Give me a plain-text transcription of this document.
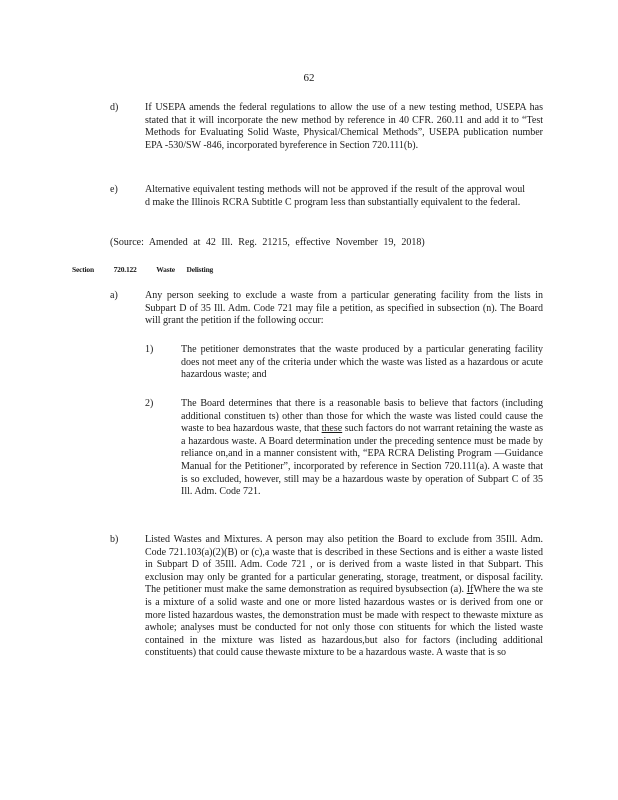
62
d)	If USEPA amends the federal regulations to allow the use of a new testing method, USEPA has stated that it will incorporate the new method by reference in 40 CFR. 260.11 and add it to “Test Methods for Evaluating Solid Waste, Physical/Chemical Methods”, USEPA publication number EPA -530/SW -846, incorporated byreference in Section 720.111(b).
e)	Alternative equivalent testing methods will not be approved if the result of the approval woul d make the Illinois RCRA Subtitle C program less than substantially equivalent to the federal.
(Source: Amended at 42 Ill. Reg. 21215, effective November 19, 2018)
Section	720.122	Waste Delisting
a)	Any person seeking to exclude a waste from a particular generating facility from the lists in Subpart D of 35 Ill. Adm. Code 721 may file a petition, as specified in subsection (n). The Board will grant the petition if the following occur:
1)	The petitioner demonstrates that the waste produced by a particular generating facility does not meet any of the criteria under which the waste was listed as a hazardous or acute hazardous waste; and
2)	The Board determines that there is a reasonable basis to believe that factors (including additional constituen ts) other than those for which the waste was listed could cause the waste to bea hazardous waste, that these such factors do not warrant retaining the waste as a hazardous waste. A Board determination under the preceding sentence must be made by reliance on,and in a manner consistent with, “EPA RCRA Delisting Program —Guidance Manual for the Petitioner”, incorporated by reference in Section 720.111(a). A waste that is so excluded, however, still may be a hazardous waste by operation of Subpart C of 35 Ill. Adm. Code 721.
b)	Listed Wastes and Mixtures. A person may also petition the Board to exclude from 35Ill. Adm. Code 721.103(a)(2)(B) or (c),a waste that is described in these Sections and is either a waste listed in Subpart D of 35Ill. Adm. Code 721 , or is derived from a waste listed in that Subpart. This exclusion may only be granted for a particular generating, storage, treatment, or disposal facility. The petitioner must make the same demonstration as required bysubsection (a). IfWhere the wa ste is a mixture of a solid waste and one or more listed hazardous wastes or is derived from one or more listed hazardous wastes, the demonstration must be made with respect to thewaste mixture as awhole; analyses must be conducted for not only those con stituents for which the listed waste contained in the mixture was listed as hazardous,but also for factors (including additional constituents) that could cause thewaste mixture to be a hazardous waste. A waste that is so
